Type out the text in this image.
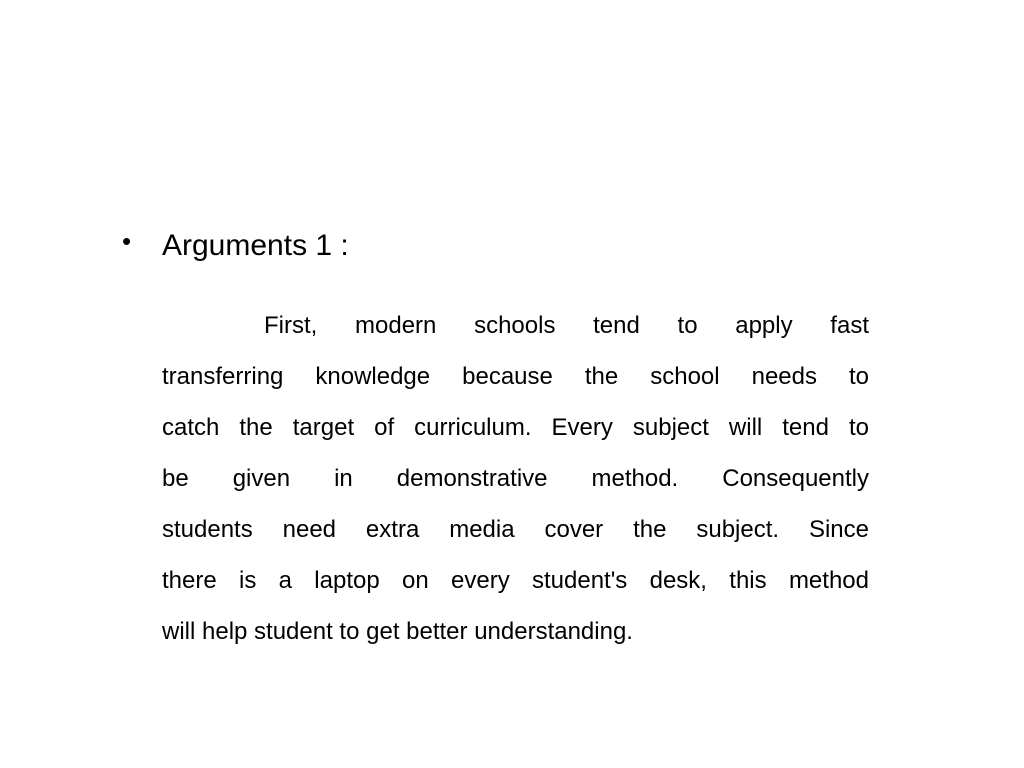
• Arguments 1 :
First, modern schools tend to apply fast
transferring knowledge because the school needs to
catch the target of curriculum. Every subject will tend to
be given in demonstrative method. Consequently
students need extra media cover the subject. Since
there is a laptop on every student's desk, this method
will help student to get better understanding.
